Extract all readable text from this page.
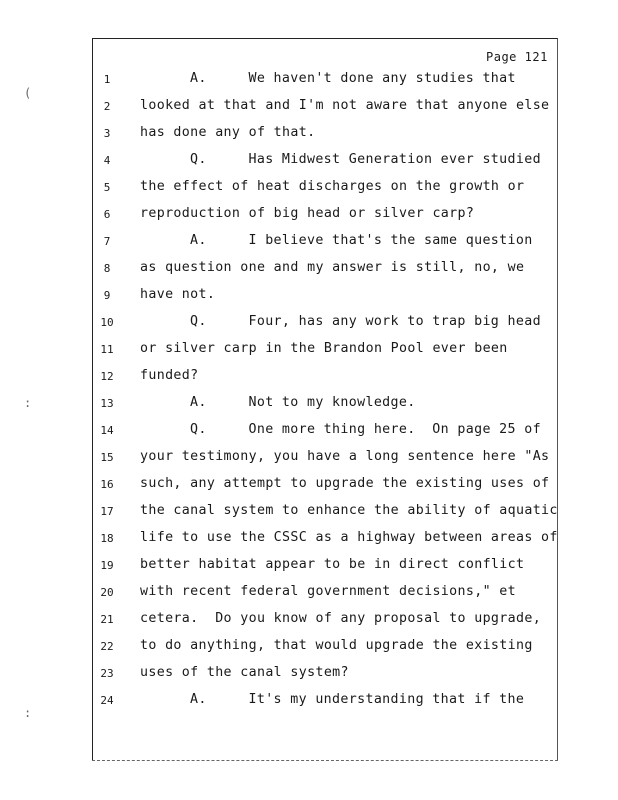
(
:
:
Page 121
1	A.     We haven't done any studies that
2	looked at that and I'm not aware that anyone else
3	has done any of that.
4	Q.     Has Midwest Generation ever studied
5	the effect of heat discharges on the growth or
6	reproduction of big head or silver carp?
7	A.     I believe that's the same question
8	as question one and my answer is still, no, we
9	have not.
10	Q.     Four, has any work to trap big head
11 or silver carp in the Brandon Pool ever been
12 funded?
13	A.     Not to my knowledge.
14	Q.     One more thing here.  On page 25 of
15 your testimony, you have a long sentence here "As
16 such, any attempt to upgrade the existing uses of
17 the canal system to enhance the ability of aquatic
18 life to use the CSSC as a highway between areas of
19 better habitat appear to be in direct conflict
20 with recent federal government decisions," et
21 cetera.  Do you know of any proposal to upgrade,
22 to do anything, that would upgrade the existing
23 uses of the canal system?
24	A.     It's my understanding that if the
